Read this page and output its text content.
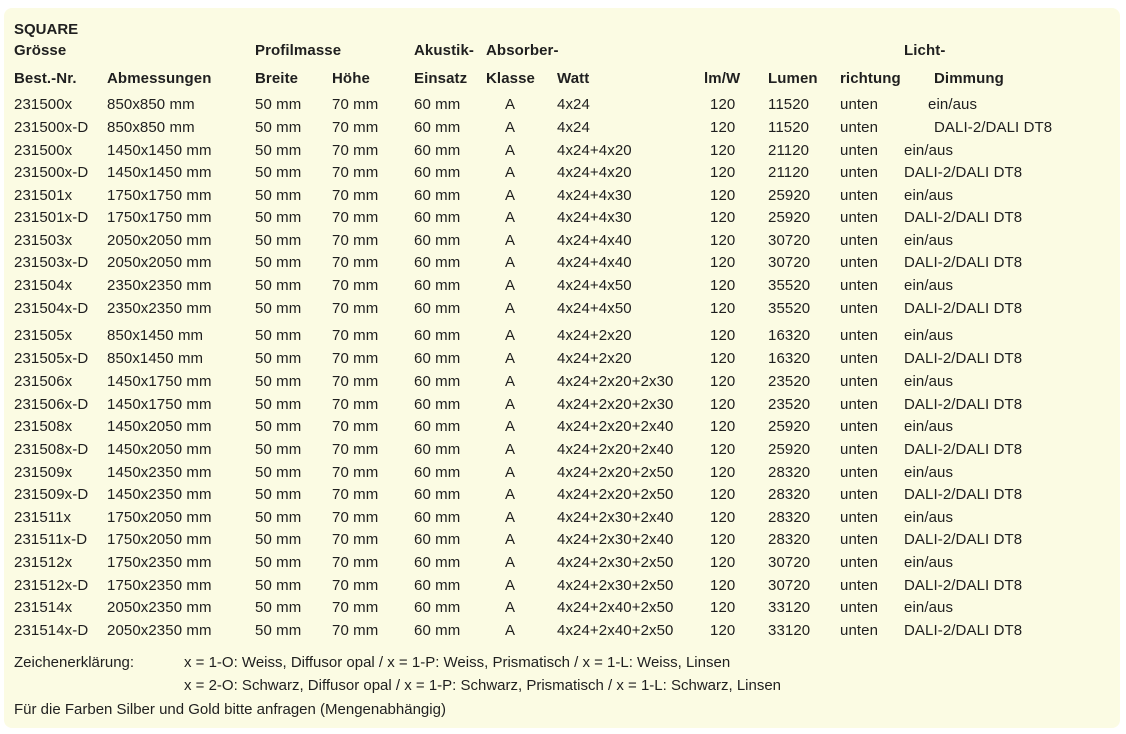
SQUARE
Grösse	Profilmasse	Akustik- Absorber-	Licht-
Best.-Nr. Abmessungen	Breite Höhe	Einsatz Klasse Watt	lm/W Lumen richtung Dimmung
231500x 850x850 mm	50 mm 70 mm 60 mm	A	4x24	120 11520 unten	ein/aus
231500x-D 850x850 mm	50 mm 70 mm 60 mm	A	4x24	120 11520 unten	DALI-2/DALI DT8
231500x 1450x1450 mm	50 mm 70 mm 60 mm	A	4x24+4x20	120 21120 unten ein/aus
231500x-D 1450x1450 mm	50 mm 70 mm 60 mm	A	4x24+4x20	120 21120 unten DALI-2/DALI DT8
231501x 1750x1750 mm	50 mm 70 mm 60 mm	A	4x24+4x30	120 25920 unten ein/aus
231501x-D 1750x1750 mm	50 mm 70 mm 60 mm	A	4x24+4x30	120 25920 unten DALI-2/DALI DT8
231503x 2050x2050 mm	50 mm 70 mm 60 mm	A	4x24+4x40	120 30720 unten ein/aus
231503x-D 2050x2050 mm	50 mm 70 mm 60 mm	A	4x24+4x40	120 30720 unten DALI-2/DALI DT8
231504x 2350x2350 mm	50 mm 70 mm 60 mm	A	4x24+4x50	120 35520 unten ein/aus
231504x-D 2350x2350 mm	50 mm 70 mm 60 mm	A	4x24+4x50	120 35520 unten DALI-2/DALI DT8
231505x 850x1450 mm	50 mm 70 mm 60 mm	A	4x24+2x20	120 16320 unten ein/aus
231505x-D 850x1450 mm	50 mm 70 mm 60 mm	A	4x24+2x20	120 16320 unten DALI-2/DALI DT8
231506x 1450x1750 mm	50 mm 70 mm 60 mm	A	4x24+2x20+2x30 120 23520 unten ein/aus
231506x-D 1450x1750 mm	50 mm 70 mm 60 mm	A	4x24+2x20+2x30 120 23520 unten DALI-2/DALI DT8
231508x 1450x2050 mm	50 mm 70 mm 60 mm	A	4x24+2x20+2x40 120 25920 unten ein/aus
231508x-D 1450x2050 mm	50 mm 70 mm 60 mm	A	4x24+2x20+2x40 120 25920 unten DALI-2/DALI DT8
231509x 1450x2350 mm	50 mm 70 mm 60 mm	A	4x24+2x20+2x50 120 28320 unten ein/aus
231509x-D 1450x2350 mm	50 mm 70 mm 60 mm	A	4x24+2x20+2x50 120 28320 unten DALI-2/DALI DT8
231511x 1750x2050 mm	50 mm 70 mm 60 mm	A	4x24+2x30+2x40 120 28320 unten ein/aus
231511x-D 1750x2050 mm	50 mm 70 mm 60 mm	A	4x24+2x30+2x40 120 28320 unten DALI-2/DALI DT8
231512x 1750x2350 mm	50 mm 70 mm 60 mm	A	4x24+2x30+2x50 120 30720 unten ein/aus
231512x-D 1750x2350 mm	50 mm 70 mm 60 mm	A	4x24+2x30+2x50 120 30720 unten DALI-2/DALI DT8
231514x 2050x2350 mm	50 mm 70 mm 60 mm	A	4x24+2x40+2x50 120 33120 unten ein/aus
231514x-D 2050x2350 mm	50 mm 70 mm 60 mm	A	4x24+2x40+2x50 120 33120 unten DALI-2/DALI DT8
Zeichenerklärung:	x = 1-O: Weiss, Diffusor opal / x = 1-P: Weiss, Prismatisch / x = 1-L: Weiss, Linsen
x = 2-O: Schwarz, Diffusor opal / x = 1-P: Schwarz, Prismatisch / x = 1-L: Schwarz, Linsen
Für die Farben Silber und Gold bitte anfragen (Mengenabhängig)
